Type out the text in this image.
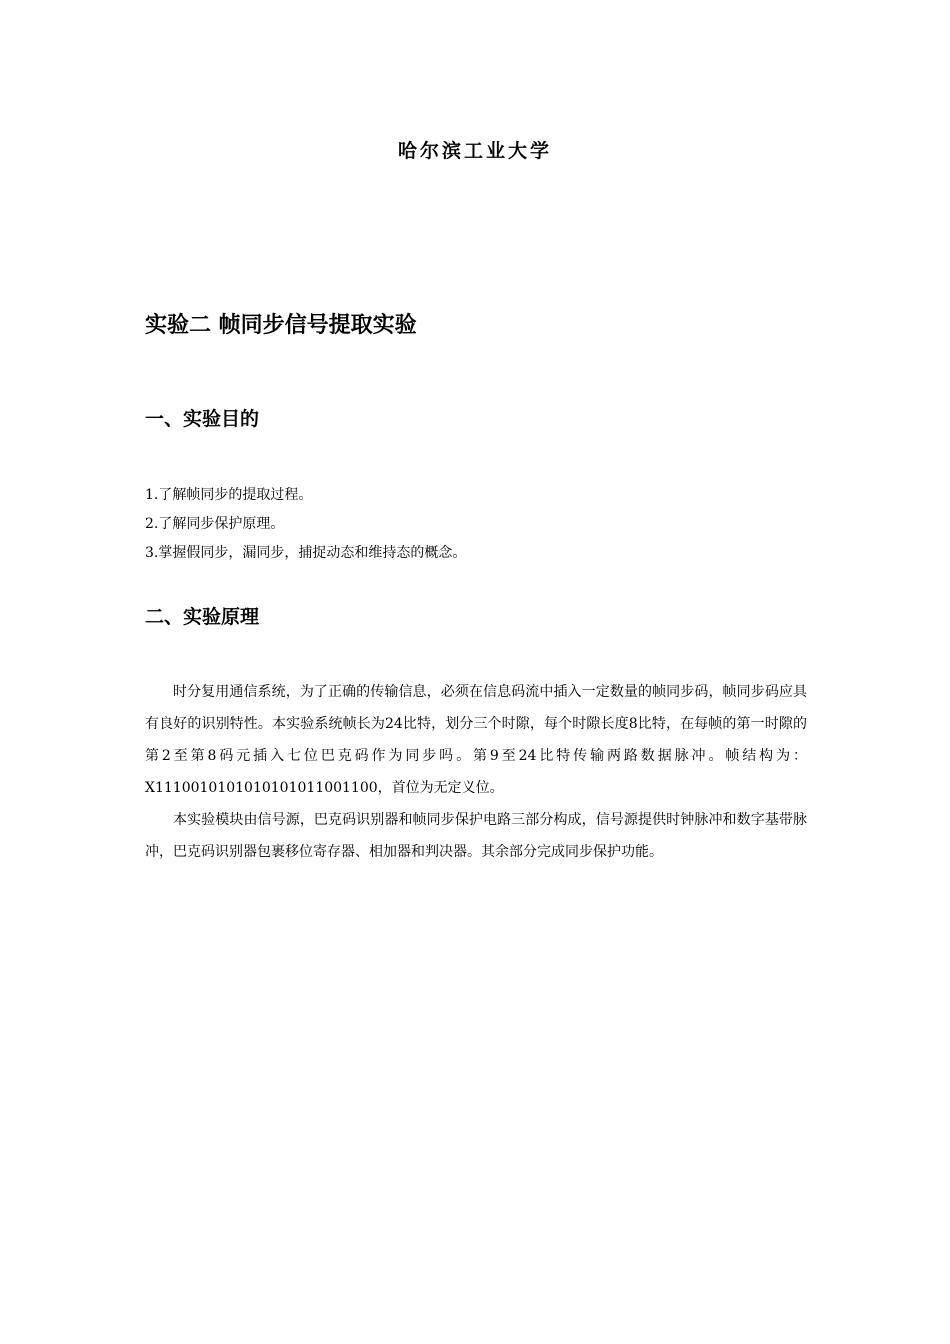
哈尔滨工业大学
实验二 帧同步信号提取实验
一、实验目的
1.了解帧同步的提取过程。
2.了解同步保护原理。
3.掌握假同步，漏同步，捕捉动态和维持态的概念。
二、实验原理

时分复用通信系统，为了正确的传输信息，必须在信息码流中插入一定数量的帧同步码，帧同步码应具有良好的识别特性。本实验系统帧长为24比特，划分三个时隙，每个时隙长度8比特，在每帧的第一时隙的第2至第8码元插入七位巴克码作为同步吗。第9至24比特传输两路数据脉冲。帧结构为：X1110010101010101011001100，首位为无定义位。

本实验模块由信号源，巴克码识别器和帧同步保护电路三部分构成，信号源提供时钟脉冲和数字基带脉冲，巴克码识别器包裹移位寄存器、相加器和判决器。其余部分完成同步保护功能。
